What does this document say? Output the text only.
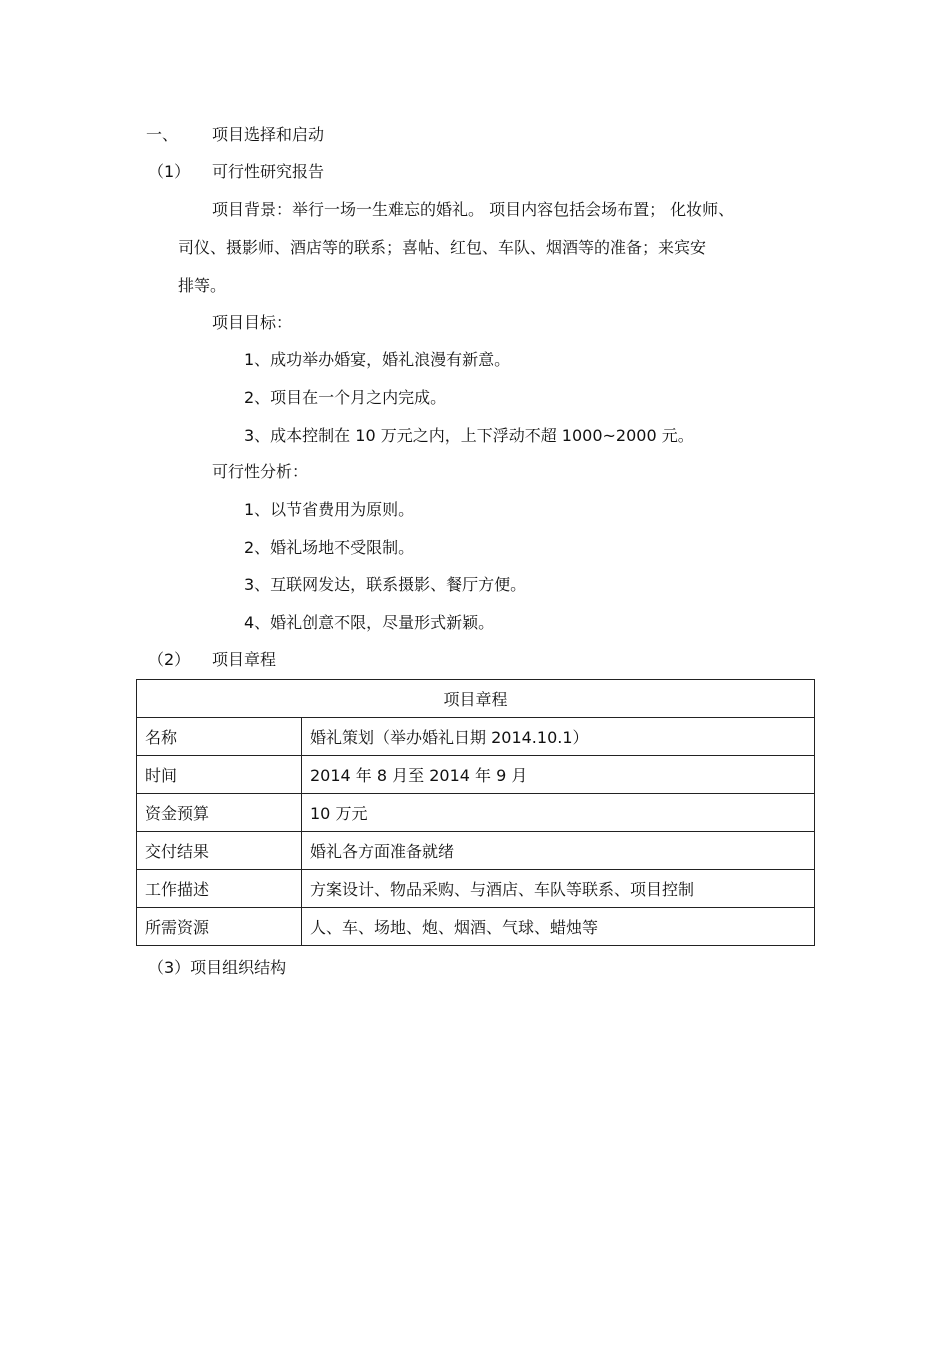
一、 项目选择和启动
（1） 可行性研究报告
项目背景：举行一场一生难忘的婚礼。 项目内容包括会场布置； 化妆师、
司仪、摄影师、酒店等的联系；喜帖、红包、车队、烟酒等的准备；来宾安
排等。
项目目标：
1、成功举办婚宴，婚礼浪漫有新意。
2、项目在一个月之内完成。
3、成本控制在 10 万元之内，上下浮动不超 1000~2000 元。
可行性分析：
1、以节省费用为原则。
2、婚礼场地不受限制。
3、互联网发达，联系摄影、餐厅方便。
4、婚礼创意不限，尽量形式新颖。
（2） 项目章程
项目章程	
名称	婚礼策划（举办婚礼日期 2014.10.1）
时间	2014 年 8 月至 2014 年 9 月
资金预算	10 万元
交付结果	婚礼各方面准备就绪
工作描述	方案设计、物品采购、与酒店、车队等联系、项目控制
所需资源	人、车、场地、炮、烟酒、气球、蜡烛等
（3）项目组织结构
